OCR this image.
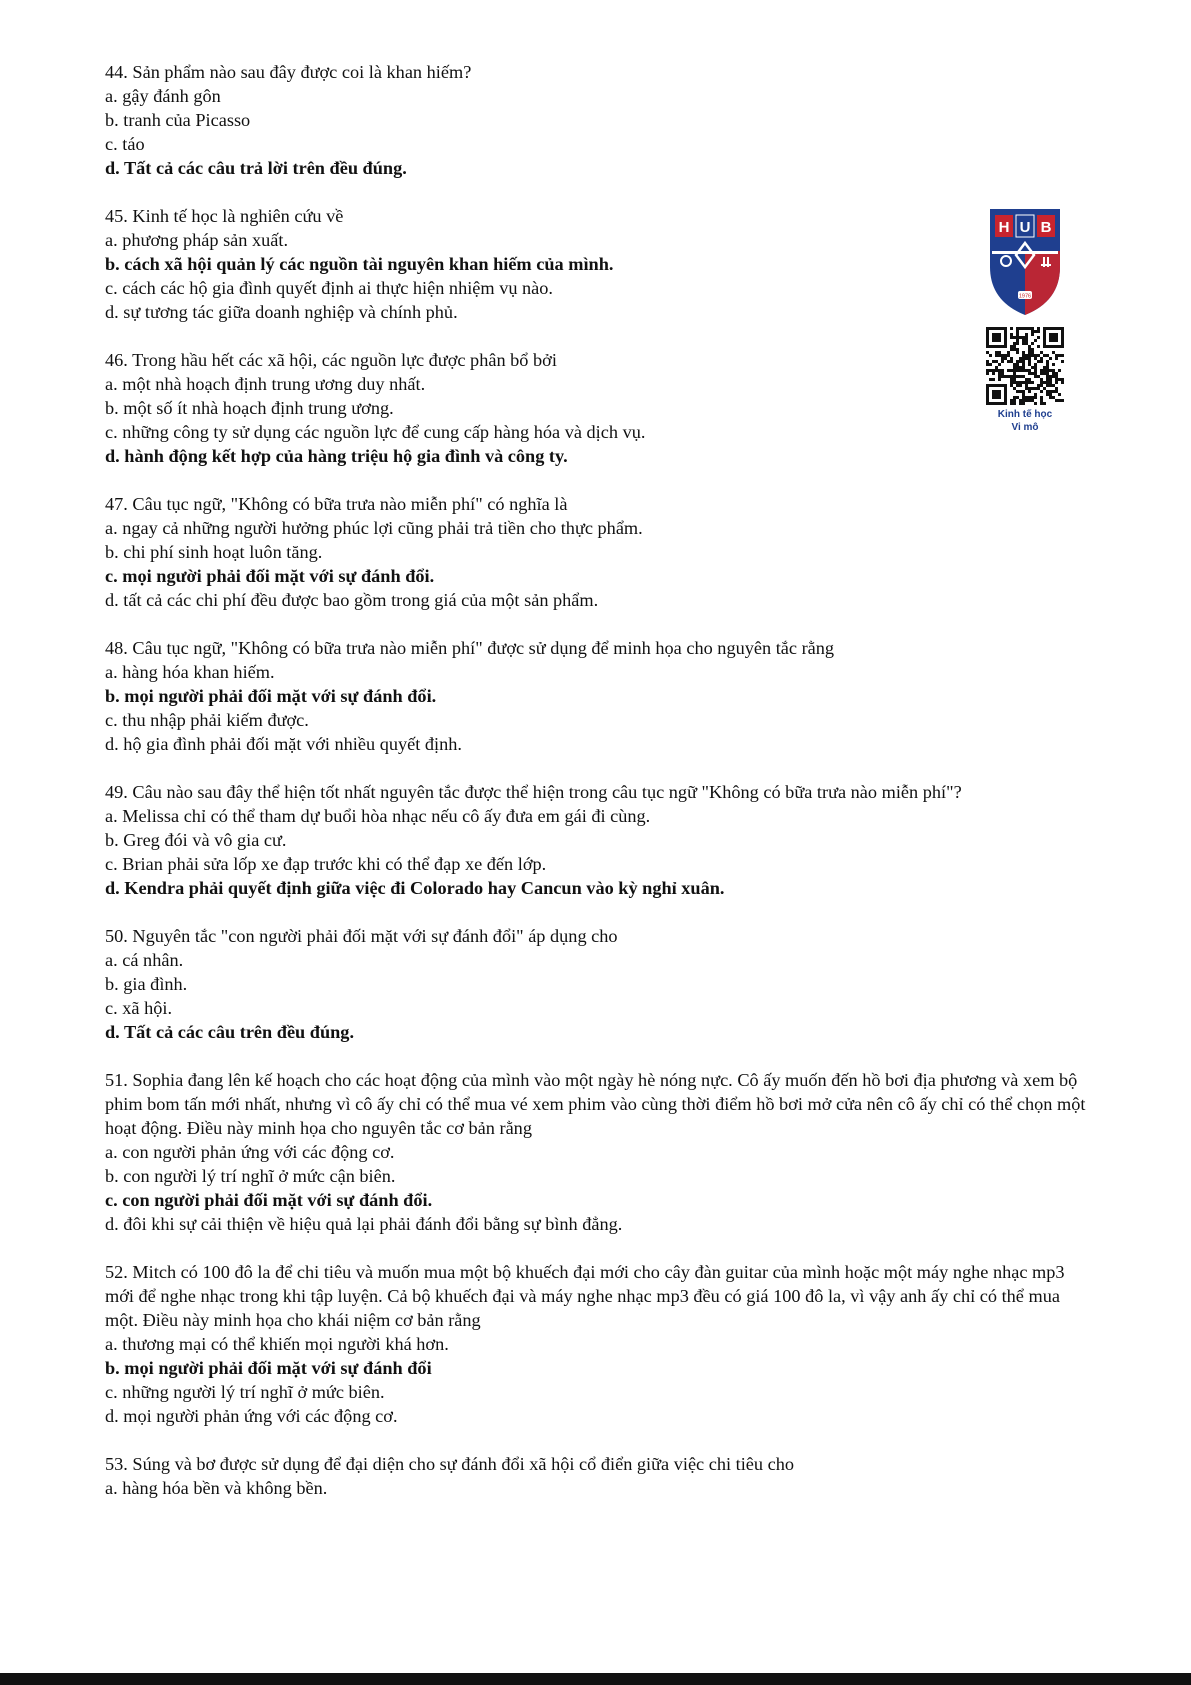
44. Sản phẩm nào sau đây được coi là khan hiếm?

a. gậy đánh gôn

b. tranh của Picasso

c. táo

d. Tất cả các câu trả lời trên đều đúng.

45. Kinh tế học là nghiên cứu về

a. phương pháp sản xuất.

b. cách xã hội quản lý các nguồn tài nguyên khan hiếm của mình.

c. cách các hộ gia đình quyết định ai thực hiện nhiệm vụ nào.

d. sự tương tác giữa doanh nghiệp và chính phủ.

46. Trong hầu hết các xã hội, các nguồn lực được phân bổ bởi

a. một nhà hoạch định trung ương duy nhất.

b. một số ít nhà hoạch định trung ương.

c. những công ty sử dụng các nguồn lực để cung cấp hàng hóa và dịch vụ.

d. hành động kết hợp của hàng triệu hộ gia đình và công ty.

47. Câu tục ngữ, "Không có bữa trưa nào miễn phí" có nghĩa là

a. ngay cả những người hưởng phúc lợi cũng phải trả tiền cho thực phẩm.

b. chi phí sinh hoạt luôn tăng.

c. mọi người phải đối mặt với sự đánh đổi.

d. tất cả các chi phí đều được bao gồm trong giá của một sản phẩm.

48. Câu tục ngữ, "Không có bữa trưa nào miễn phí" được sử dụng để minh họa cho nguyên tắc rằng

a. hàng hóa khan hiếm.

b. mọi người phải đối mặt với sự đánh đổi.

c. thu nhập phải kiếm được.

d. hộ gia đình phải đối mặt với nhiều quyết định.

49. Câu nào sau đây thể hiện tốt nhất nguyên tắc được thể hiện trong câu tục ngữ "Không có bữa trưa nào miễn phí"?

a. Melissa chỉ có thể tham dự buổi hòa nhạc nếu cô ấy đưa em gái đi cùng.

b. Greg đói và vô gia cư.

c. Brian phải sửa lốp xe đạp trước khi có thể đạp xe đến lớp.

d. Kendra phải quyết định giữa việc đi Colorado hay Cancun vào kỳ nghỉ xuân.

50. Nguyên tắc "con người phải đối mặt với sự đánh đổi" áp dụng cho

a. cá nhân.

b. gia đình.

c. xã hội.

d. Tất cả các câu trên đều đúng.

51. Sophia đang lên kế hoạch cho các hoạt động của mình vào một ngày hè nóng nực. Cô ấy muốn đến hồ bơi địa phương và xem bộ phim bom tấn mới nhất, nhưng vì cô ấy chỉ có thể mua vé xem phim vào cùng thời điểm hồ bơi mở cửa nên cô ấy chỉ có thể chọn một hoạt động. Điều này minh họa cho nguyên tắc cơ bản rằng

a. con người phản ứng với các động cơ.

b. con người lý trí nghĩ ở mức cận biên.

c. con người phải đối mặt với sự đánh đổi.

d. đôi khi sự cải thiện về hiệu quả lại phải đánh đổi bằng sự bình đẳng.

52. Mitch có 100 đô la để chi tiêu và muốn mua một bộ khuếch đại mới cho cây đàn guitar của mình hoặc một máy nghe nhạc mp3 mới để nghe nhạc trong khi tập luyện. Cả bộ khuếch đại và máy nghe nhạc mp3 đều có giá 100 đô la, vì vậy anh ấy chỉ có thể mua một. Điều này minh họa cho khái niệm cơ bản rằng

a. thương mại có thể khiến mọi người khá hơn.

b. mọi người phải đối mặt với sự đánh đổi

c. những người lý trí nghĩ ở mức biên.

d. mọi người phản ứng với các động cơ.

53. Súng và bơ được sử dụng để đại diện cho sự đánh đổi xã hội cổ điển giữa việc chi tiêu cho

a. hàng hóa bền và không bền.

H U B
1976
Kinh tế học
Vi mô
